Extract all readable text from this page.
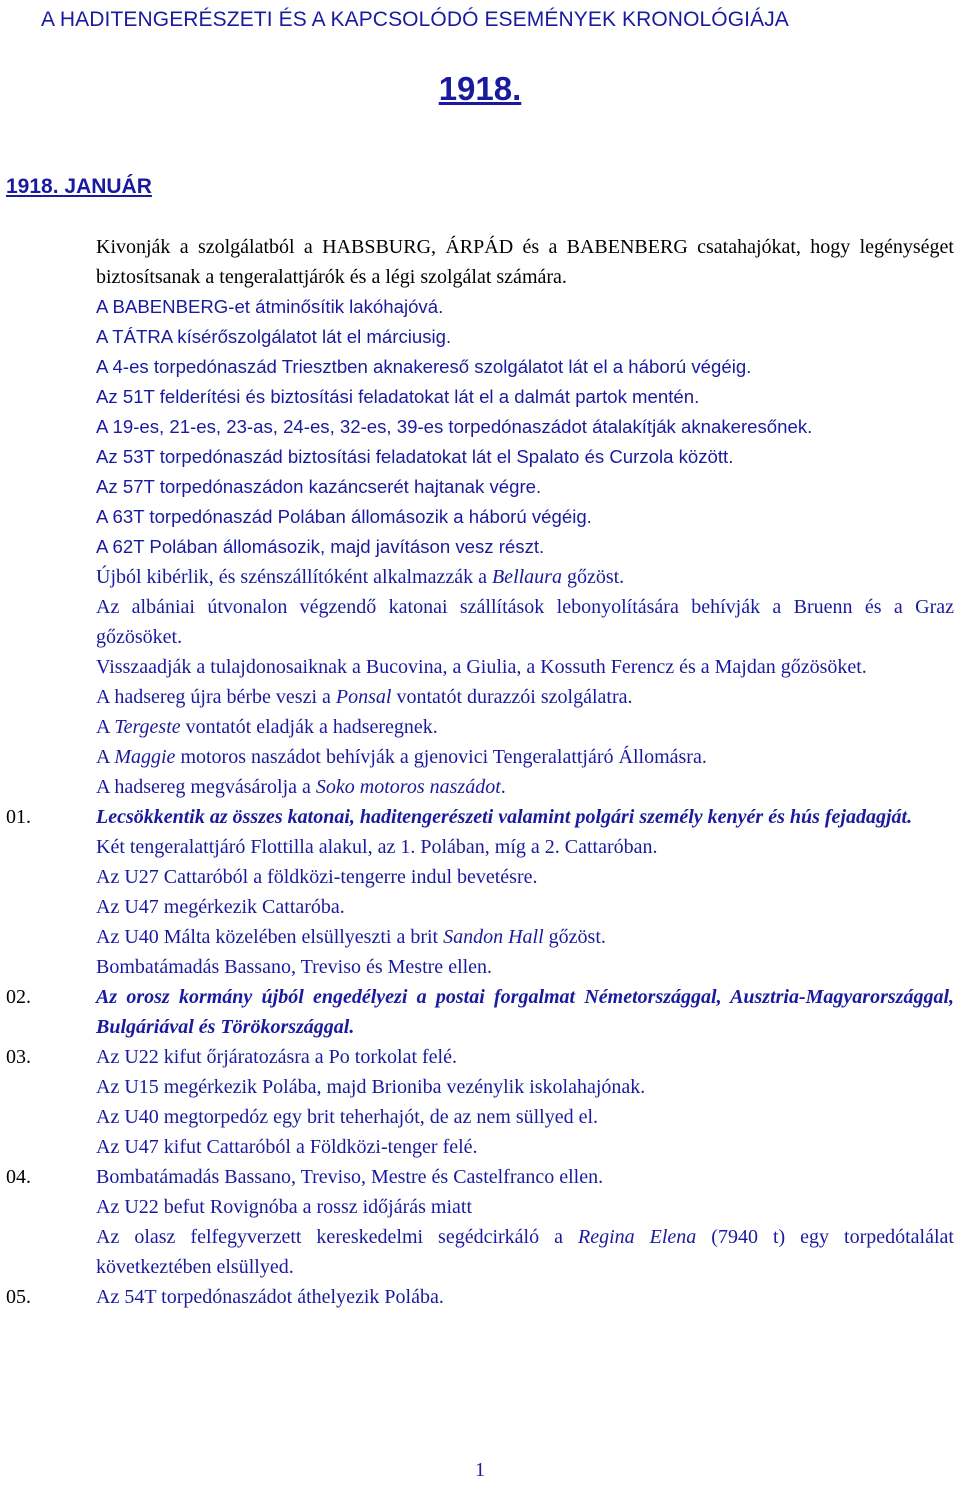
A HADITENGERÉSZETI ÉS A KAPCSOLÓDÓ ESEMÉNYEK KRONOLÓGIÁJA
1918.
1918. JANUÁR
Kivonják a szolgálatból a HABSBURG, ÁRPÁD és a BABENBERG csatahajókat, hogy legénységet biztosítsanak a tengeralattjárók és a légi szolgálat számára.
A BABENBERG-et átminősítik lakóhajóvá.
A TÁTRA kísérőszolgálatot lát el márciusig.
A 4-es torpedónaszád Triesztben aknakereső szolgálatot lát el a háború végéig.
Az 51T felderítési és biztosítási feladatokat lát el a dalmát partok mentén.
A 19-es, 21-es, 23-as, 24-es, 32-es, 39-es torpedónaszádot átalakítják aknakeresőnek.
Az 53T torpedónaszád biztosítási feladatokat lát el Spalato és Curzola között.
Az 57T torpedónaszádon kazáncserét hajtanak végre.
A 63T torpedónaszád Polában állomásozik a háború végéig.
A 62T Polában állomásozik, majd javításon vesz részt.
Újból kibérlik, és szénszállítóként alkalmazzák a Bellaura gőzöst.
Az albániai útvonalon végzendő katonai szállítások lebonyolítására behívják a Bruenn és a Graz gőzösöket.
Visszaadják a tulajdonosaiknak a Bucovina, a Giulia, a Kossuth Ferencz és a Majdan gőzösöket.
A hadsereg újra bérbe veszi a Ponsal vontatót durazzói szolgálatra.
A Tergeste vontatót eladják a hadseregnek.
A Maggie motoros naszádot behívják a gjenovici Tengeralattjáró Állomásra.
A hadsereg megvásárolja a Soko motoros naszádot.
01.	Lecsökkentik az összes katonai, haditengerészeti valamint polgári személy kenyér és hús fejadagját.
Két tengeralattjáró Flottilla alakul, az 1. Polában, míg a 2. Cattaróban.
Az U27 Cattaróból a földközi-tengerre indul bevetésre.
Az U47 megérkezik Cattaróba.
Az U40 Málta közelében elsüllyeszti a brit Sandon Hall gőzöst.
Bombatámadás Bassano, Treviso és Mestre ellen.
02.	Az orosz kormány újból engedélyezi a postai forgalmat Németországgal, Ausztria-Magyarországgal, Bulgáriával és Törökországgal.
03.	Az U22 kifut őrjáratozásra a Po torkolat felé.
Az U15 megérkezik Polába, majd Brioniba vezénylik iskolahajónak.
Az U40 megtorpedóz egy brit teherhajót, de az nem süllyed el.
Az U47 kifut Cattaróból a Földközi-tenger felé.
04.	Bombatámadás Bassano, Treviso, Mestre és Castelfranco ellen.
Az U22 befut Rovignóba a rossz időjárás miatt
Az olasz felfegyverzett kereskedelmi segédcirkáló a Regina Elena (7940 t) egy torpedótalálat következtében elsüllyed.
05.	Az 54T torpedónaszádot áthelyezik Polába.
1
